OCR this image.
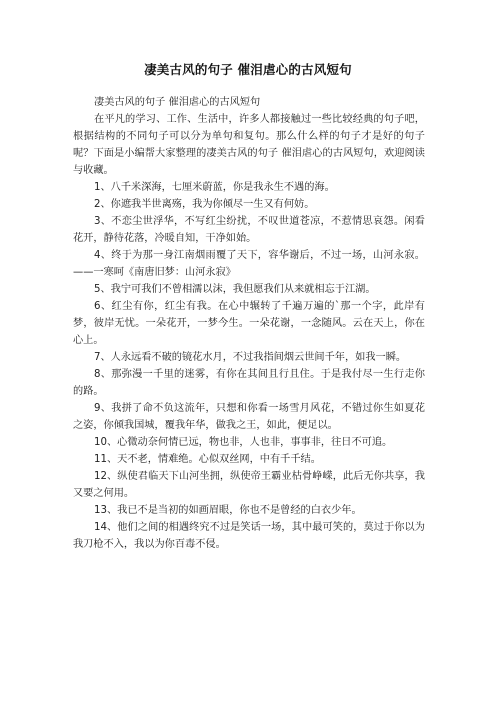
凄美古风的句子 催泪虐心的古风短句

凄美古风的句子 催泪虐心的古风短句

在平凡的学习、工作、生活中，许多人都接触过一些比较经典的句子吧，根据结构的不同句子可以分为单句和复句。那么什么样的句子才是好的句子呢？下面是小编帮大家整理的凄美古风的句子 催泪虐心的古风短句，欢迎阅读与收藏。

1、八千米深海，七厘米蔚蓝，你是我永生不遇的海。

2、你遮我半世离殇，我为你倾尽一生又有何妨。

3、不恋尘世浮华，不写红尘纷扰，不叹世道苍凉，不惹情思哀怨。闲看花开，静待花落，冷暖自知，干净如始。

4、终于为那一身江南烟雨覆了天下，容华谢后，不过一场，山河永寂。——一寒呵《南唐旧梦：山河永寂》

5、我宁可我们不曾相濡以沫，我但愿我们从来就相忘于江湖。

6、红尘有你，红尘有我。在心中辗转了千遍万遍的`那一个字，此岸有梦，彼岸无忧。一朵花开，一梦今生。一朵花谢，一念随风。云在天上，你在心上。

7、人永远看不破的镜花水月，不过我指间烟云世间千年，如我一瞬。

8、那弥漫一千里的迷雾，有你在其间且行且住。于是我付尽一生行走你的路。

9、我拼了命不负这流年，只想和你看一场雪月风花，不错过你生如夏花之姿，你倾我国城，覆我年华，做我之王，如此，便足以。

10、心微动奈何情已远，物也非，人也非，事事非，往日不可追。

11、天不老，情难绝。心似双丝网，中有千千结。

12、纵使君临天下山河坐拥，纵使帝王霸业枯骨峥嵘，此后无你共享，我又要之何用。

13、我已不是当初的如画眉眼，你也不是曾经的白衣少年。

14、他们之间的相遇终究不过是笑话一场，其中最可笑的，莫过于你以为我刀枪不入，我以为你百毒不侵。
